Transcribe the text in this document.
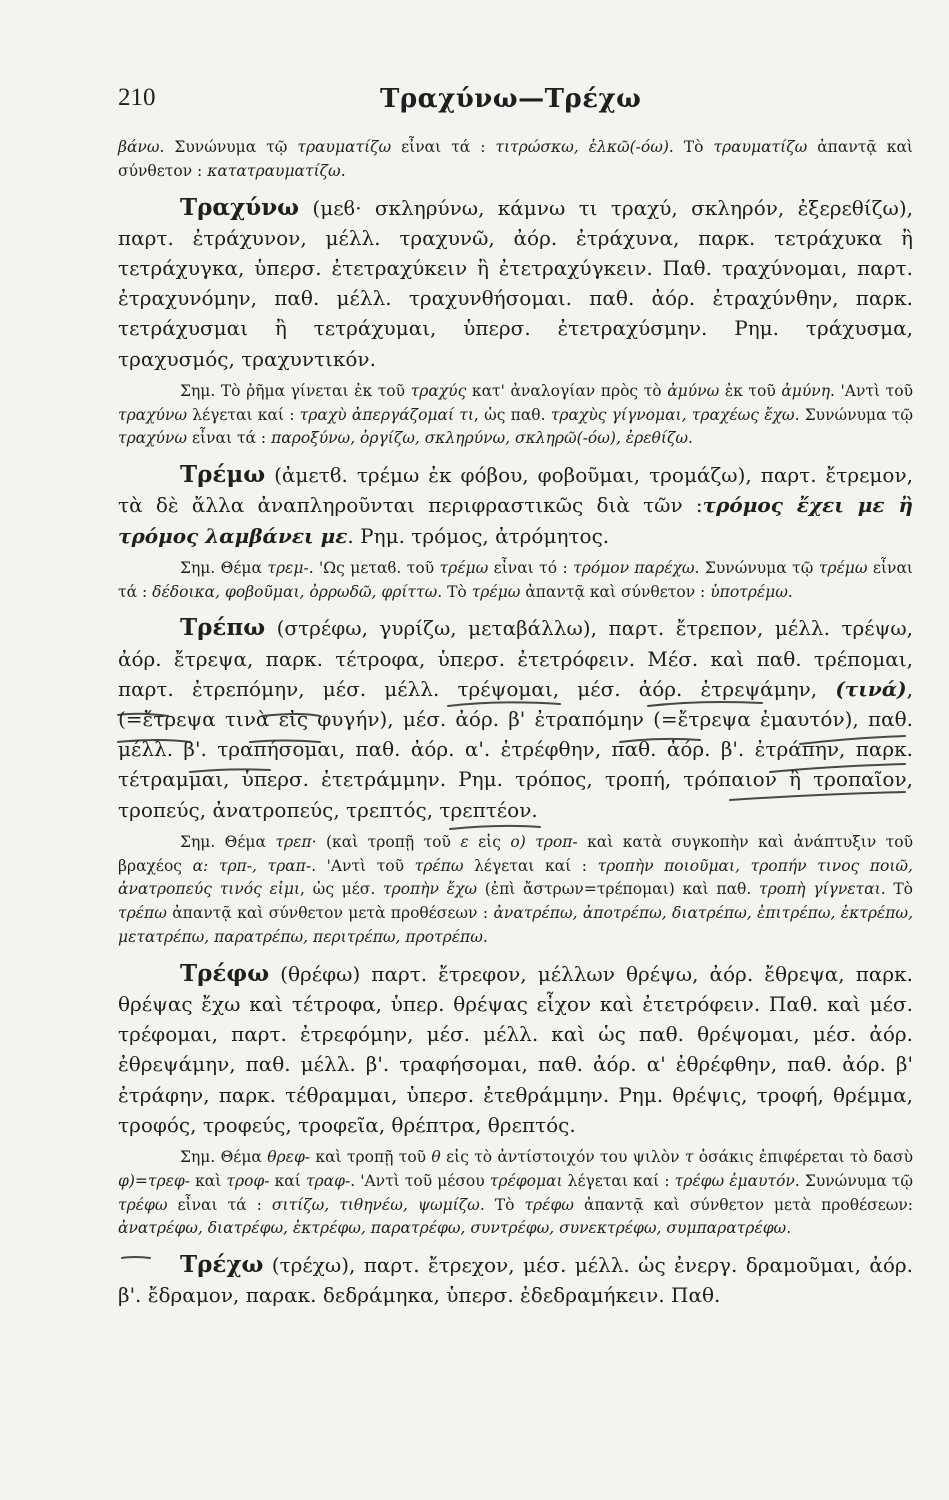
210	Τραχύνω—Τρέχω

βάνω. Συνώνυμα τῷ τραυματίζω εἶναι τά : τιτρώσκω, ἑλκῶ(-όω). Τὸ τραυματίζω ἀπαντᾷ καὶ σύνθετον : κατατραυματίζω.

Τραχύνω (μεϐ· σκληρύνω, κάμνω τι τραχύ, σκληρόν, ἐξερεθίζω), παρτ. ἐτράχυνον, μέλλ. τραχυνῶ, ἀόρ. ἐτράχυνα, παρκ. τετράχυκα ἢ τετράχυγκα, ὑπερσ. ἐτετραχύκειν ἢ ἐτετραχύγκειν. Παθ. τραχύνομαι, παρτ. ἐτραχυνόμην, παθ. μέλλ. τραχυνθήσομαι. παθ. ἀόρ. ἐτραχύνθην, παρκ. τετράχυσμαι ἢ τετράχυμαι, ὑπερσ. ἐτετραχύσμην. Ρημ. τράχυσμα, τραχυσμός, τραχυντικόν.

Σημ. Τὸ ῥῆμα γίνεται ἐκ τοῦ τραχύς κατ' ἀναλογίαν πρὸς τὸ ἀμύνω ἐκ τοῦ ἀμύνη. 'Αντὶ τοῦ τραχύνω λέγεται καί : τραχὺ ἀπεργάζομαί τι, ὡς παθ. τραχὺς γίγνομαι, τραχέως ἔχω. Συνώνυμα τῷ τραχύνω εἶναι τά : παροξύνω, ὀργίζω, σκληρύνω, σκληρῶ(-όω), ἐρεθίζω.

Τρέμω (ἀμετϐ. τρέμω ἐκ φόβου, φοβοῦμαι, τρομάζω), παρτ. ἔτρεμον, τὰ δὲ ἄλλα ἀναπληροῦνται περιφραστικῶς διὰ τῶν :τρόμος ἔχει με ἢ τρόμος λαμβάνει με. Ρημ. τρόμος, ἀτρόμητος.

Σημ. Θέμα τρεμ-. 'Ως μεταϐ. τοῦ τρέμω εἶναι τό : τρόμον παρέχω. Συνώνυμα τῷ τρέμω εἶναι τά : δέδοικα, φοβοῦμαι, ὀρρωδῶ, φρίττω. Τὸ τρέμω ἀπαντᾷ καὶ σύνθετον : ὑποτρέμω.

Τρέπω (στρέφω, γυρίζω, μεταβάλλω), παρτ. ἔτρεπον, μέλλ. τρέψω, ἀόρ. ἔτρεψα, παρκ. τέτροφα, ὑπερσ. ἐτετρόφειν. Μέσ. καὶ παθ. τρέπομαι, παρτ. ἐτρεπόμην, μέσ. μέλλ. τρέψομαι, μέσ. ἀόρ. ἐτρεψάμην, (τινά), (=ἔτρεψα τινὰ εἰς φυγήν), μέσ. ἀόρ. β' ἐτραπόμην (=ἔτρεψα ἐμαυτόν), παθ. μέλλ. β'. τραπήσομαι, παθ. ἀόρ. α'. ἐτρέφθην, παθ. ἀόρ. β'. ἐτράπην, παρκ. τέτραμμαι, ὑπερσ. ἐτετράμμην. Ρημ. τρόπος, τροπή, τρόπαιον ἢ τροπαῖον, τροπεύς, ἀνατροπεύς, τρεπτός, τρεπτέον.

Σημ. Θέμα τρεπ· (καὶ τροπῇ τοῦ ε εἰς ο) τροπ- καὶ κατὰ συγκοπὴν καὶ ἀνάπτυξιν τοῦ βραχέος α: τρπ-, τραπ-. 'Αντὶ τοῦ τρέπω λέγεται καί : τροπὴν ποιοῦμαι, τροπήν τινος ποιῶ, ἀνατροπεύς τινός εἰμι, ὡς μέσ. τροπὴν ἔχω (ἐπὶ ἄστρων=τρέπομαι) καὶ παθ. τροπὴ γίγνεται. Τὸ τρέπω ἀπαντᾷ καὶ σύνθετον μετὰ προθέσεων : ἀνατρέπω, ἀποτρέπω, διατρέπω, ἐπιτρέπω, ἐκτρέπω, μετατρέπω, παρατρέπω, περιτρέπω, προτρέπω.

Τρέφω (θρέφω) παρτ. ἔτρεφον, μέλλων θρέψω, ἀόρ. ἔθρεψα, παρκ. θρέψας ἔχω καὶ τέτροφα, ὑπερ. θρέψας εἶχον καὶ ἐτετρόφειν. Παθ. καὶ μέσ. τρέφομαι, παρτ. ἐτρεφόμην, μέσ. μέλλ. καὶ ὡς παθ. θρέψομαι, μέσ. ἀόρ. ἐθρεψάμην, παθ. μέλλ. β'. τραφήσομαι, παθ. ἀόρ. α' ἐθρέφθην, παθ. ἀόρ. β' ἐτράφην, παρκ. τέθραμμαι, ὑπερσ. ἐτεθράμμην. Ρημ. θρέψις, τροφή, θρέμμα, τροφός, τροφεύς, τροφεῖα, θρέπτρα, θρεπτός.

Σημ. Θέμα θρεφ- καὶ τροπῇ τοῦ θ εἰς τὸ ἀντίστοιχόν του ψιλὸν τ ὁσάκις ἐπιφέρεται τὸ δασὺ φ)=τρεφ- καὶ τροφ- καί τραφ-. 'Αντὶ τοῦ μέσου τρέφομαι λέγεται καί : τρέφω ἐμαυτόν. Συνώνυμα τῷ τρέφω εἶναι τά : σιτίζω, τιθηνέω, ψωμίζω. Τὸ τρέφω ἀπαντᾷ καὶ σύνθετον μετὰ προθέσεων: ἀνατρέφω, διατρέφω, ἐκτρέφω, παρατρέφω, συντρέφω, συνεκτρέφω, συμπαρατρέφω.

Τρέχω (τρέχω), παρτ. ἔτρεχον, μέσ. μέλλ. ὡς ἐνεργ. δραμοῦμαι, ἀόρ. β'. ἔδραμον, παρακ. δεδράμηκα, ὑπερσ. ἐδεδραμήκειν. Παθ.
